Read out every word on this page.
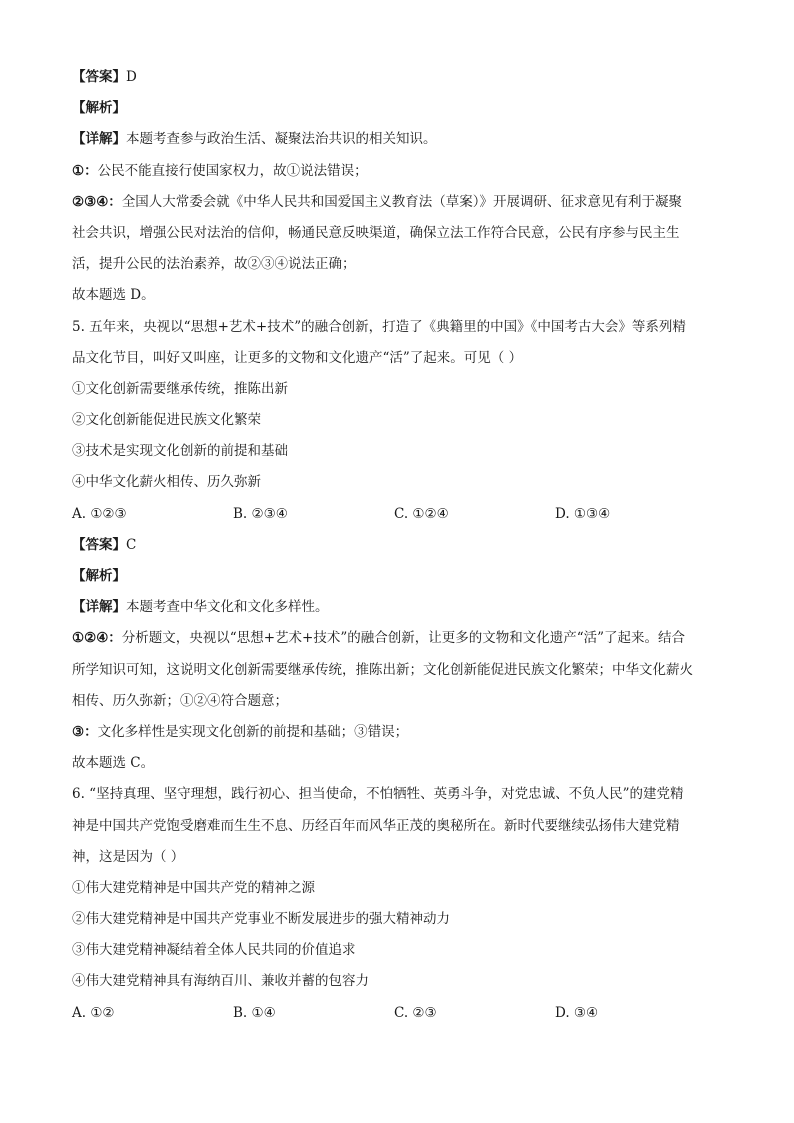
【答案】D
【解析】
【详解】本题考查参与政治生活、凝聚法治共识的相关知识。
①：公民不能直接行使国家权力，故①说法错误；
②③④：全国人大常委会就《中华人民共和国爱国主义教育法（草案）》开展调研、征求意见有利于凝聚
社会共识，增强公民对法治的信仰，畅通民意反映渠道，确保立法工作符合民意，公民有序参与民主生
活，提升公民的法治素养，故②③④说法正确；
故本题选 D。
5. 五年来，央视以“思想+艺术+技术”的融合创新，打造了《典籍里的中国》《中国考古大会》等系列精
品文化节目，叫好又叫座，让更多的文物和文化遗产“活”了起来。可见（ ）
①文化创新需要继承传统，推陈出新
②文化创新能促进民族文化繁荣
③技术是实现文化创新的前提和基础
④中华文化薪火相传、历久弥新
A. ①②③	B. ②③④	C. ①②④	D. ①③④
【答案】C
【解析】
【详解】本题考查中华文化和文化多样性。
①②④：分析题文，央视以“思想+艺术+技术”的融合创新，让更多的文物和文化遗产“活”了起来。结合
所学知识可知，这说明文化创新需要继承传统，推陈出新；文化创新能促进民族文化繁荣；中华文化薪火
相传、历久弥新；①②④符合题意；
③：文化多样性是实现文化创新的前提和基础；③错误；
故本题选 C。
6. “坚持真理、坚守理想，践行初心、担当使命，不怕牺牲、英勇斗争，对党忠诚、不负人民”的建党精
神是中国共产党饱受磨难而生生不息、历经百年而风华正茂的奥秘所在。新时代要继续弘扬伟大建党精
神，这是因为（ ）
①伟大建党精神是中国共产党的精神之源
②伟大建党精神是中国共产党事业不断发展进步的强大精神动力
③伟大建党精神凝结着全体人民共同的价值追求
④伟大建党精神具有海纳百川、兼收并蓄的包容力
A. ①②	B. ①④	C. ②③	D. ③④
